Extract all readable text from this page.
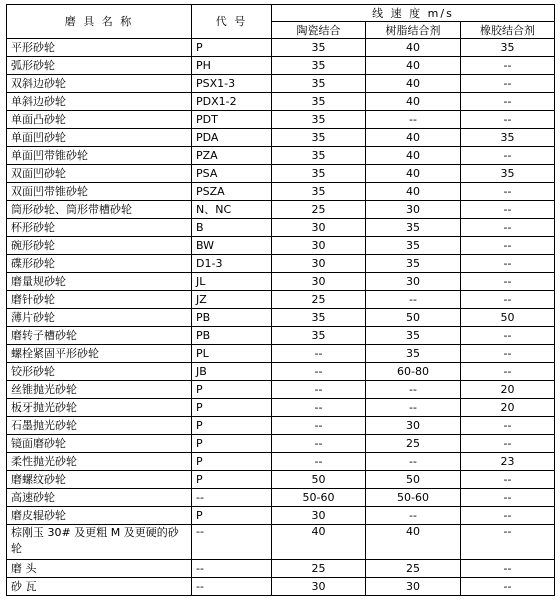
磨 具 名 称	代 号	线 速 度 m/s		
		陶瓷结合	树脂结合剂	橡胶结合剂
平形砂轮	P	35	40	35
弧形砂轮	PH	35	40	--
双斜边砂轮	PSX1-3	35	40	--
单斜边砂轮	PDX1-2	35	40	--
单面凸砂轮	PDT	35	--	--
单面凹砂轮	PDA	35	40	35
单面凹带锥砂轮	PZA	35	40	--
双面凹砂轮	PSA	35	40	35
双面凹带锥砂轮	PSZA	35	40	--
筒形砂轮、筒形带槽砂轮	N、NC	25	30	--
杯形砂轮	B	30	35	--
碗形砂轮	BW	30	35	--
碟形砂轮	D1-3	30	35	--
磨量规砂轮	JL	30	30	--
磨针砂轮	JZ	25	--	--
薄片砂轮	PB	35	50	50
磨转子槽砂轮	PB	35	35	--
螺栓紧固平形砂轮	PL	--	35	--
铰形砂轮	JB	--	60-80	--
丝锥抛光砂轮	P	--	--	20
板牙抛光砂轮	P	--	--	20
石墨抛光砂轮	P	--	30	--
镜面磨砂轮	P	--	25	--
柔性抛光砂轮	P	--	--	23
磨螺纹砂轮	P	50	50	--
高速砂轮	--	50-60	50-60	--
磨皮辊砂轮	P	30	--	--
棕刚玉 30# 及更粗 M 及更硬的砂轮	--	40	40	--
磨 头	--	25	25	--
砂 瓦	--	30	30	--
